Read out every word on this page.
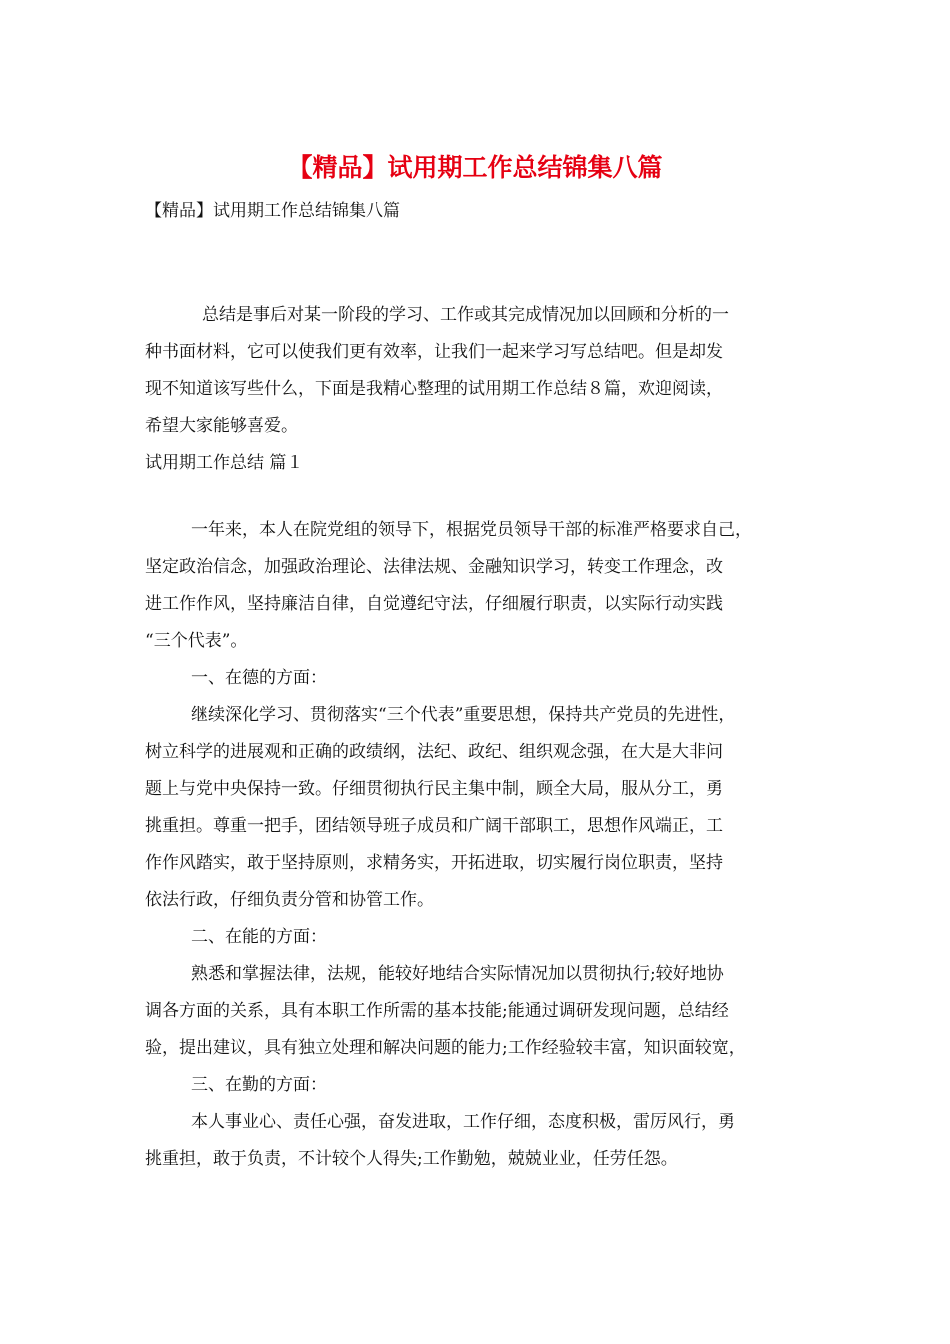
【精品】试用期工作总结锦集八篇
【精品】试用期工作总结锦集八篇
总结是事后对某一阶段的学习、工作或其完成情况加以回顾和分析的一
种书面材料，它可以使我们更有效率，让我们一起来学习写总结吧。但是却发
现不知道该写些什么，下面是我精心整理的试用期工作总结８篇，欢迎阅读，
希望大家能够喜爱。
试用期工作总结 篇１
一年来，本人在院党组的领导下，根据党员领导干部的标准严格要求自己，
坚定政治信念，加强政治理论、法律法规、金融知识学习，转变工作理念，改
进工作作风，坚持廉洁自律，自觉遵纪守法，仔细履行职责，以实际行动实践
“三个代表”。
一、在德的方面：
继续深化学习、贯彻落实“三个代表”重要思想，保持共产党员的先进性，
树立科学的进展观和正确的政绩纲，法纪、政纪、组织观念强，在大是大非问
题上与党中央保持一致。仔细贯彻执行民主集中制，顾全大局，服从分工，勇
挑重担。尊重一把手，团结领导班子成员和广阔干部职工，思想作风端正，工
作作风踏实，敢于坚持原则，求精务实，开拓进取，切实履行岗位职责，坚持
依法行政，仔细负责分管和协管工作。
二、在能的方面：
熟悉和掌握法律，法规，能较好地结合实际情况加以贯彻执行;较好地协
调各方面的关系，具有本职工作所需的基本技能;能通过调研发现问题，总结经
验，提出建议，具有独立处理和解决问题的能力;工作经验较丰富，知识面较宽，
三、在勤的方面：
本人事业心、责任心强，奋发进取，工作仔细，态度积极，雷厉风行，勇
挑重担，敢于负责，不计较个人得失;工作勤勉，兢兢业业，任劳任怨。
